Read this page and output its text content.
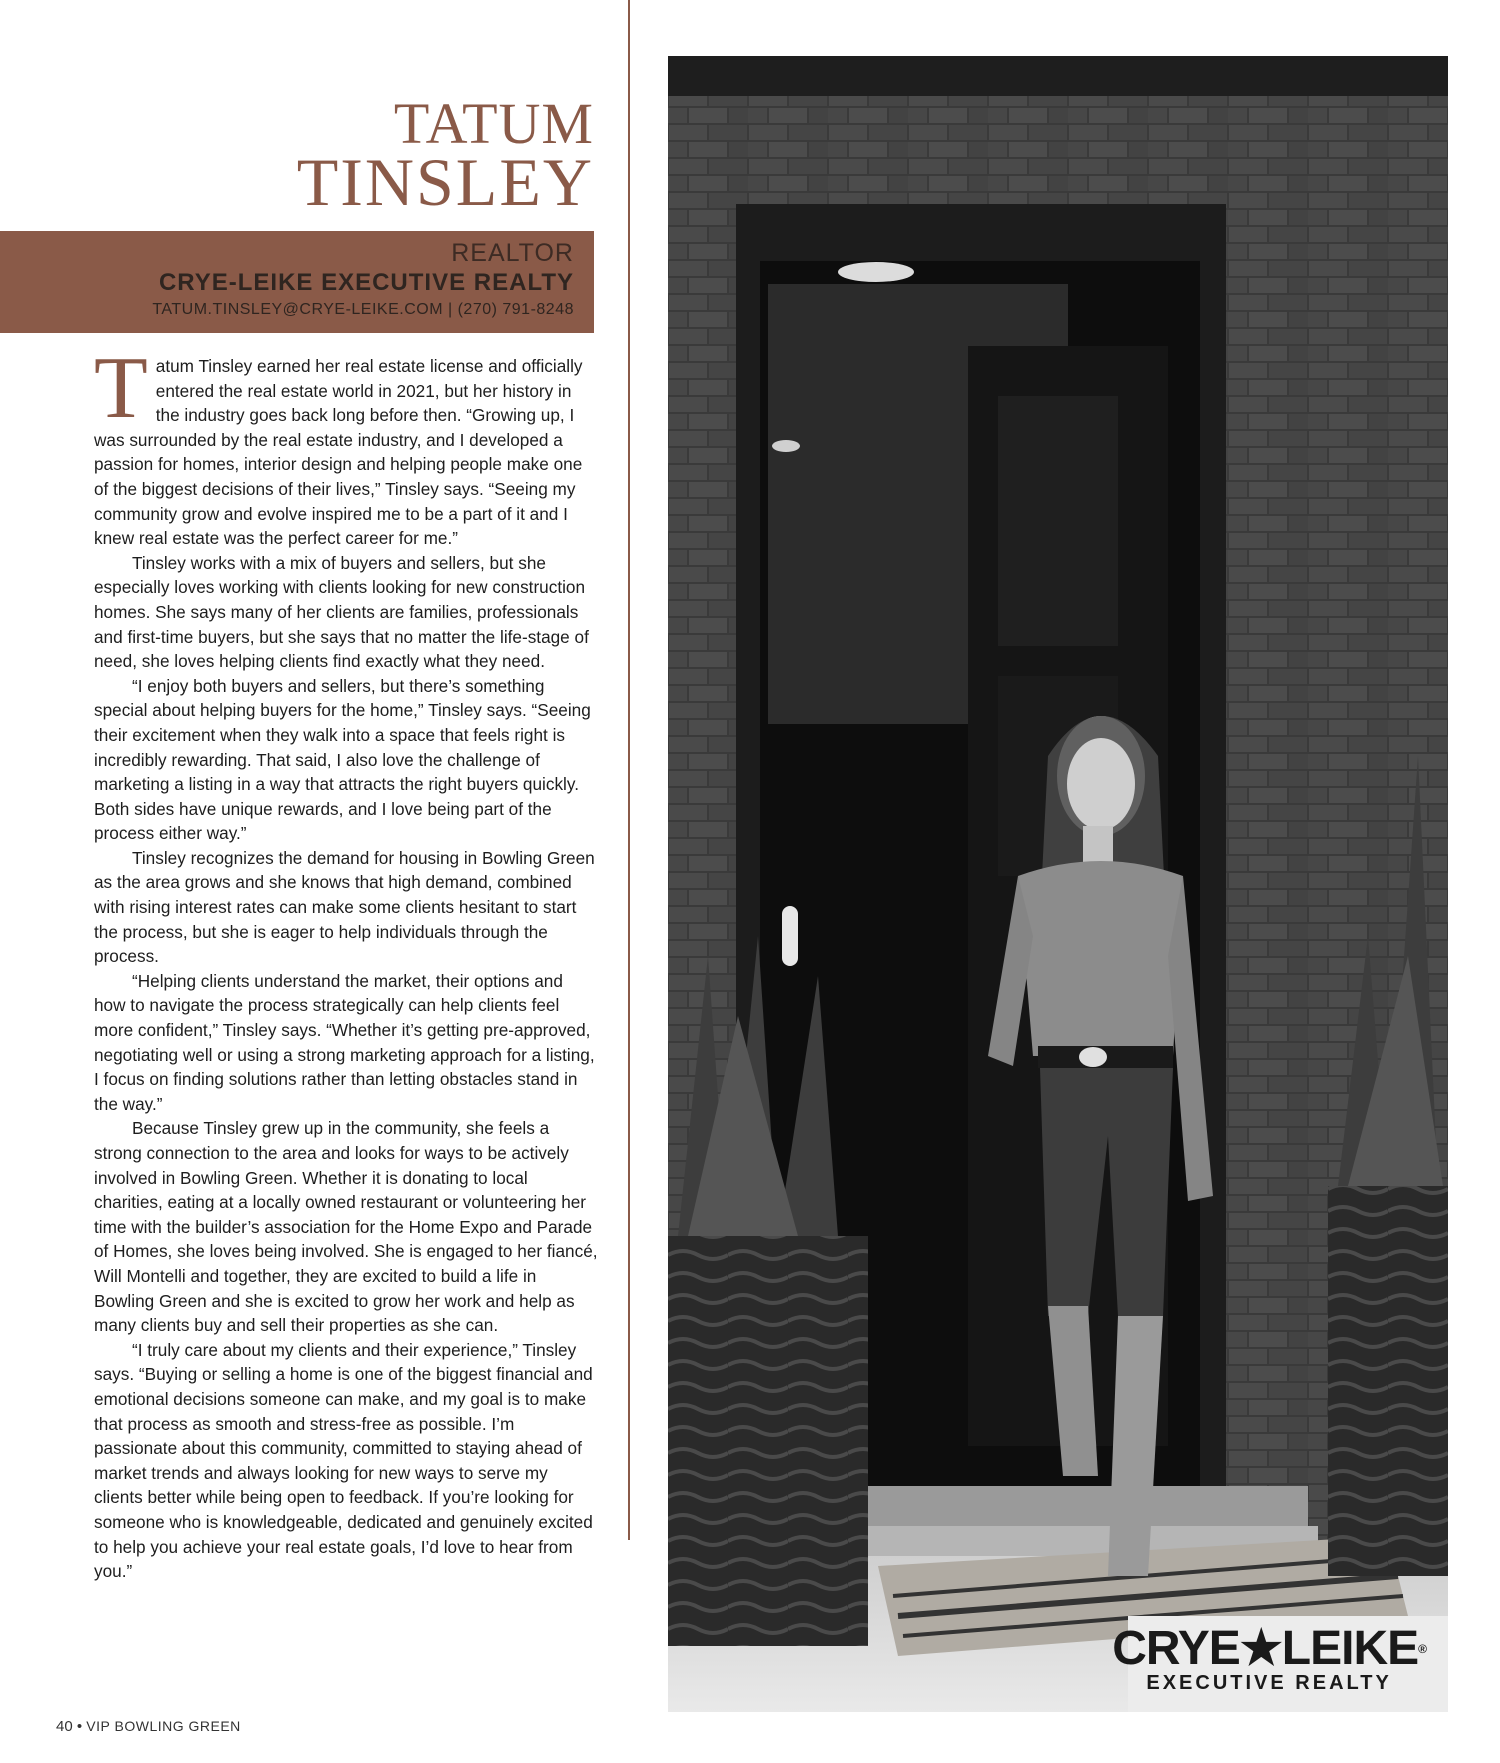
TATUM
TINSLEY
REALTOR
CRYE-LEIKE EXECUTIVE REALTY
TATUM.TINSLEY@CRYE-LEIKE.COM | (270) 791-8248

Tatum Tinsley earned her real estate license and officially entered the real estate world in 2021, but her history in the industry goes back long before then. “Growing up, I was surrounded by the real estate industry, and I developed a passion for homes, interior design and helping people make one of the biggest decisions of their lives,” Tinsley says. “Seeing my community grow and evolve inspired me to be a part of it and I knew real estate was the perfect career for me.”

Tinsley works with a mix of buyers and sellers, but she especially loves working with clients looking for new construction homes. She says many of her clients are families, professionals and first-time buyers, but she says that no matter the life-stage of need, she loves helping clients find exactly what they need.

“I enjoy both buyers and sellers, but there’s something special about helping buyers for the home,” Tinsley says. “Seeing their excitement when they walk into a space that feels right is incredibly rewarding. That said, I also love the challenge of marketing a listing in a way that attracts the right buyers quickly. Both sides have unique rewards, and I love being part of the process either way.”

Tinsley recognizes the demand for housing in Bowling Green as the area grows and she knows that high demand, combined with rising interest rates can make some clients hesitant to start the process, but she is eager to help individuals through the process.

“Helping clients understand the market, their options and how to navigate the process strategically can help clients feel more confident,” Tinsley says. “Whether it’s getting pre-approved, negotiating well or using a strong marketing approach for a listing, I focus on finding solutions rather than letting obstacles stand in the way.”

Because Tinsley grew up in the community, she feels a strong connection to the area and looks for ways to be actively involved in Bowling Green. Whether it is donating to local charities, eating at a locally owned restaurant or volunteering her time with the builder’s association for the Home Expo and Parade of Homes, she loves being involved. She is engaged to her fiancé, Will Montelli and together, they are excited to build a life in Bowling Green and she is excited to grow her work and help as many clients buy and sell their properties as she can.

“I truly care about my clients and their experience,” Tinsley says. “Buying or selling a home is one of the biggest financial and emotional decisions someone can make, and my goal is to make that process as smooth and stress-free as possible. I’m passionate about this community, committed to staying ahead of market trends and always looking for new ways to serve my clients better while being open to feedback. If you’re looking for someone who is knowledgeable, dedicated and genuinely excited to help you achieve your real estate goals, I’d love to hear from you.”

CRYE★LEIKE®
EXECUTIVE REALTY
40 • VIP BOWLING GREEN
